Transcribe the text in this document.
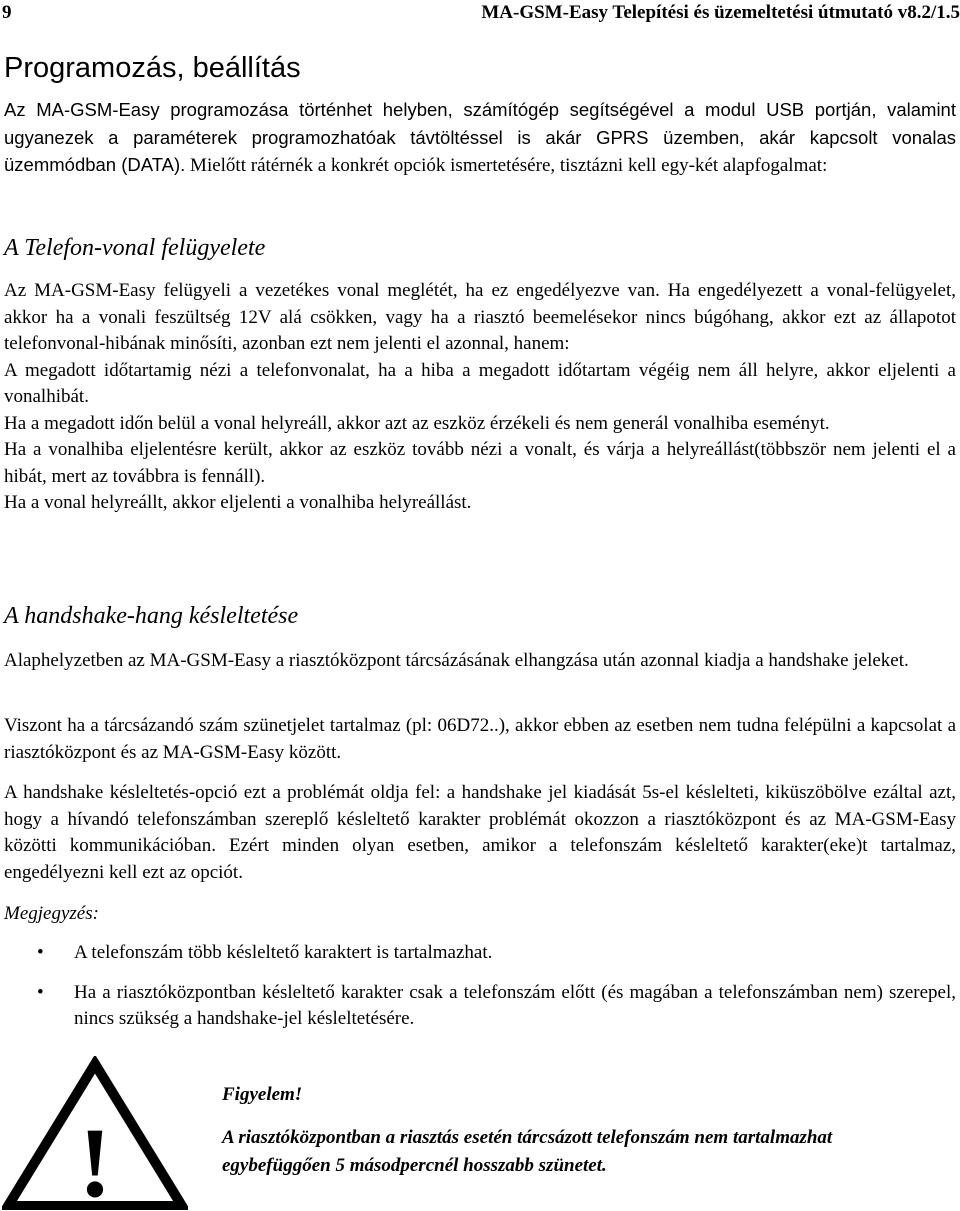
9	MA-GSM-Easy Telepítési és üzemeltetési útmutató v8.2/1.5
Programozás, beállítás

Az MA-GSM-Easy programozása történhet helyben, számítógép segítségével a modul USB portján, valamint ugyanezek a paraméterek programozhatóak távtöltéssel is akár GPRS üzemben, akár kapcsolt vonalas üzemmódban (DATA). Mielőtt rátérnék a konkrét opciók ismertetésére, tisztázni kell egy-két alapfogalmat:

A Telefon-vonal felügyelete

Az MA-GSM-Easy felügyeli a vezetékes vonal meglétét, ha ez engedélyezve van. Ha engedélyezett a vonal-felügyelet, akkor ha a vonali feszültség 12V alá csökken, vagy ha a riasztó beemelésekor nincs búgóhang, akkor ezt az állapotot telefonvonal-hibának minősíti, azonban ezt nem jelenti el azonnal, hanem:

A megadott időtartamig nézi a telefonvonalat, ha a hiba a megadott időtartam végéig nem áll helyre, akkor eljelenti a vonalhibát.

Ha a megadott időn belül a vonal helyreáll, akkor azt az eszköz érzékeli és nem generál vonalhiba eseményt.

Ha a vonalhiba eljelentésre került, akkor az eszköz tovább nézi a vonalt, és várja a helyreállást(többször nem jelenti el a hibát, mert az továbbra is fennáll).

Ha a vonal helyreállt, akkor eljelenti a vonalhiba helyreállást.

A handshake-hang késleltetése

Alaphelyzetben az MA-GSM-Easy a riasztóközpont tárcsázásának elhangzása után azonnal kiadja a handshake jeleket.

Viszont ha a tárcsázandó szám szünetjelet tartalmaz (pl: 06D72..), akkor ebben az esetben nem tudna felépülni a kapcsolat a riasztóközpont és az MA-GSM-Easy között.

A handshake késleltetés-opció ezt a problémát oldja fel: a handshake jel kiadását 5s-el késlelteti, kiküszöbölve ezáltal azt, hogy a hívandó telefonszámban szereplő késleltető karakter problémát okozzon a riasztóközpont és az MA-GSM-Easy közötti kommunikációban. Ezért minden olyan esetben, amikor a telefonszám késleltető karakter(eke)t tartalmaz, engedélyezni kell ezt az opciót.

Megjegyzés:

• A telefonszám több késleltető karaktert is tartalmazhat.
• Ha a riasztóközpontban késleltető karakter csak a telefonszám előtt (és magában a telefonszámban nem) szerepel, nincs szükség a handshake-jel késleltetésére.
!

Figyelem!

A riasztóközpontban a riasztás esetén tárcsázott telefonszám nem tartalmazhat egybefüggően 5 másodpercnél hosszabb szünetet.
